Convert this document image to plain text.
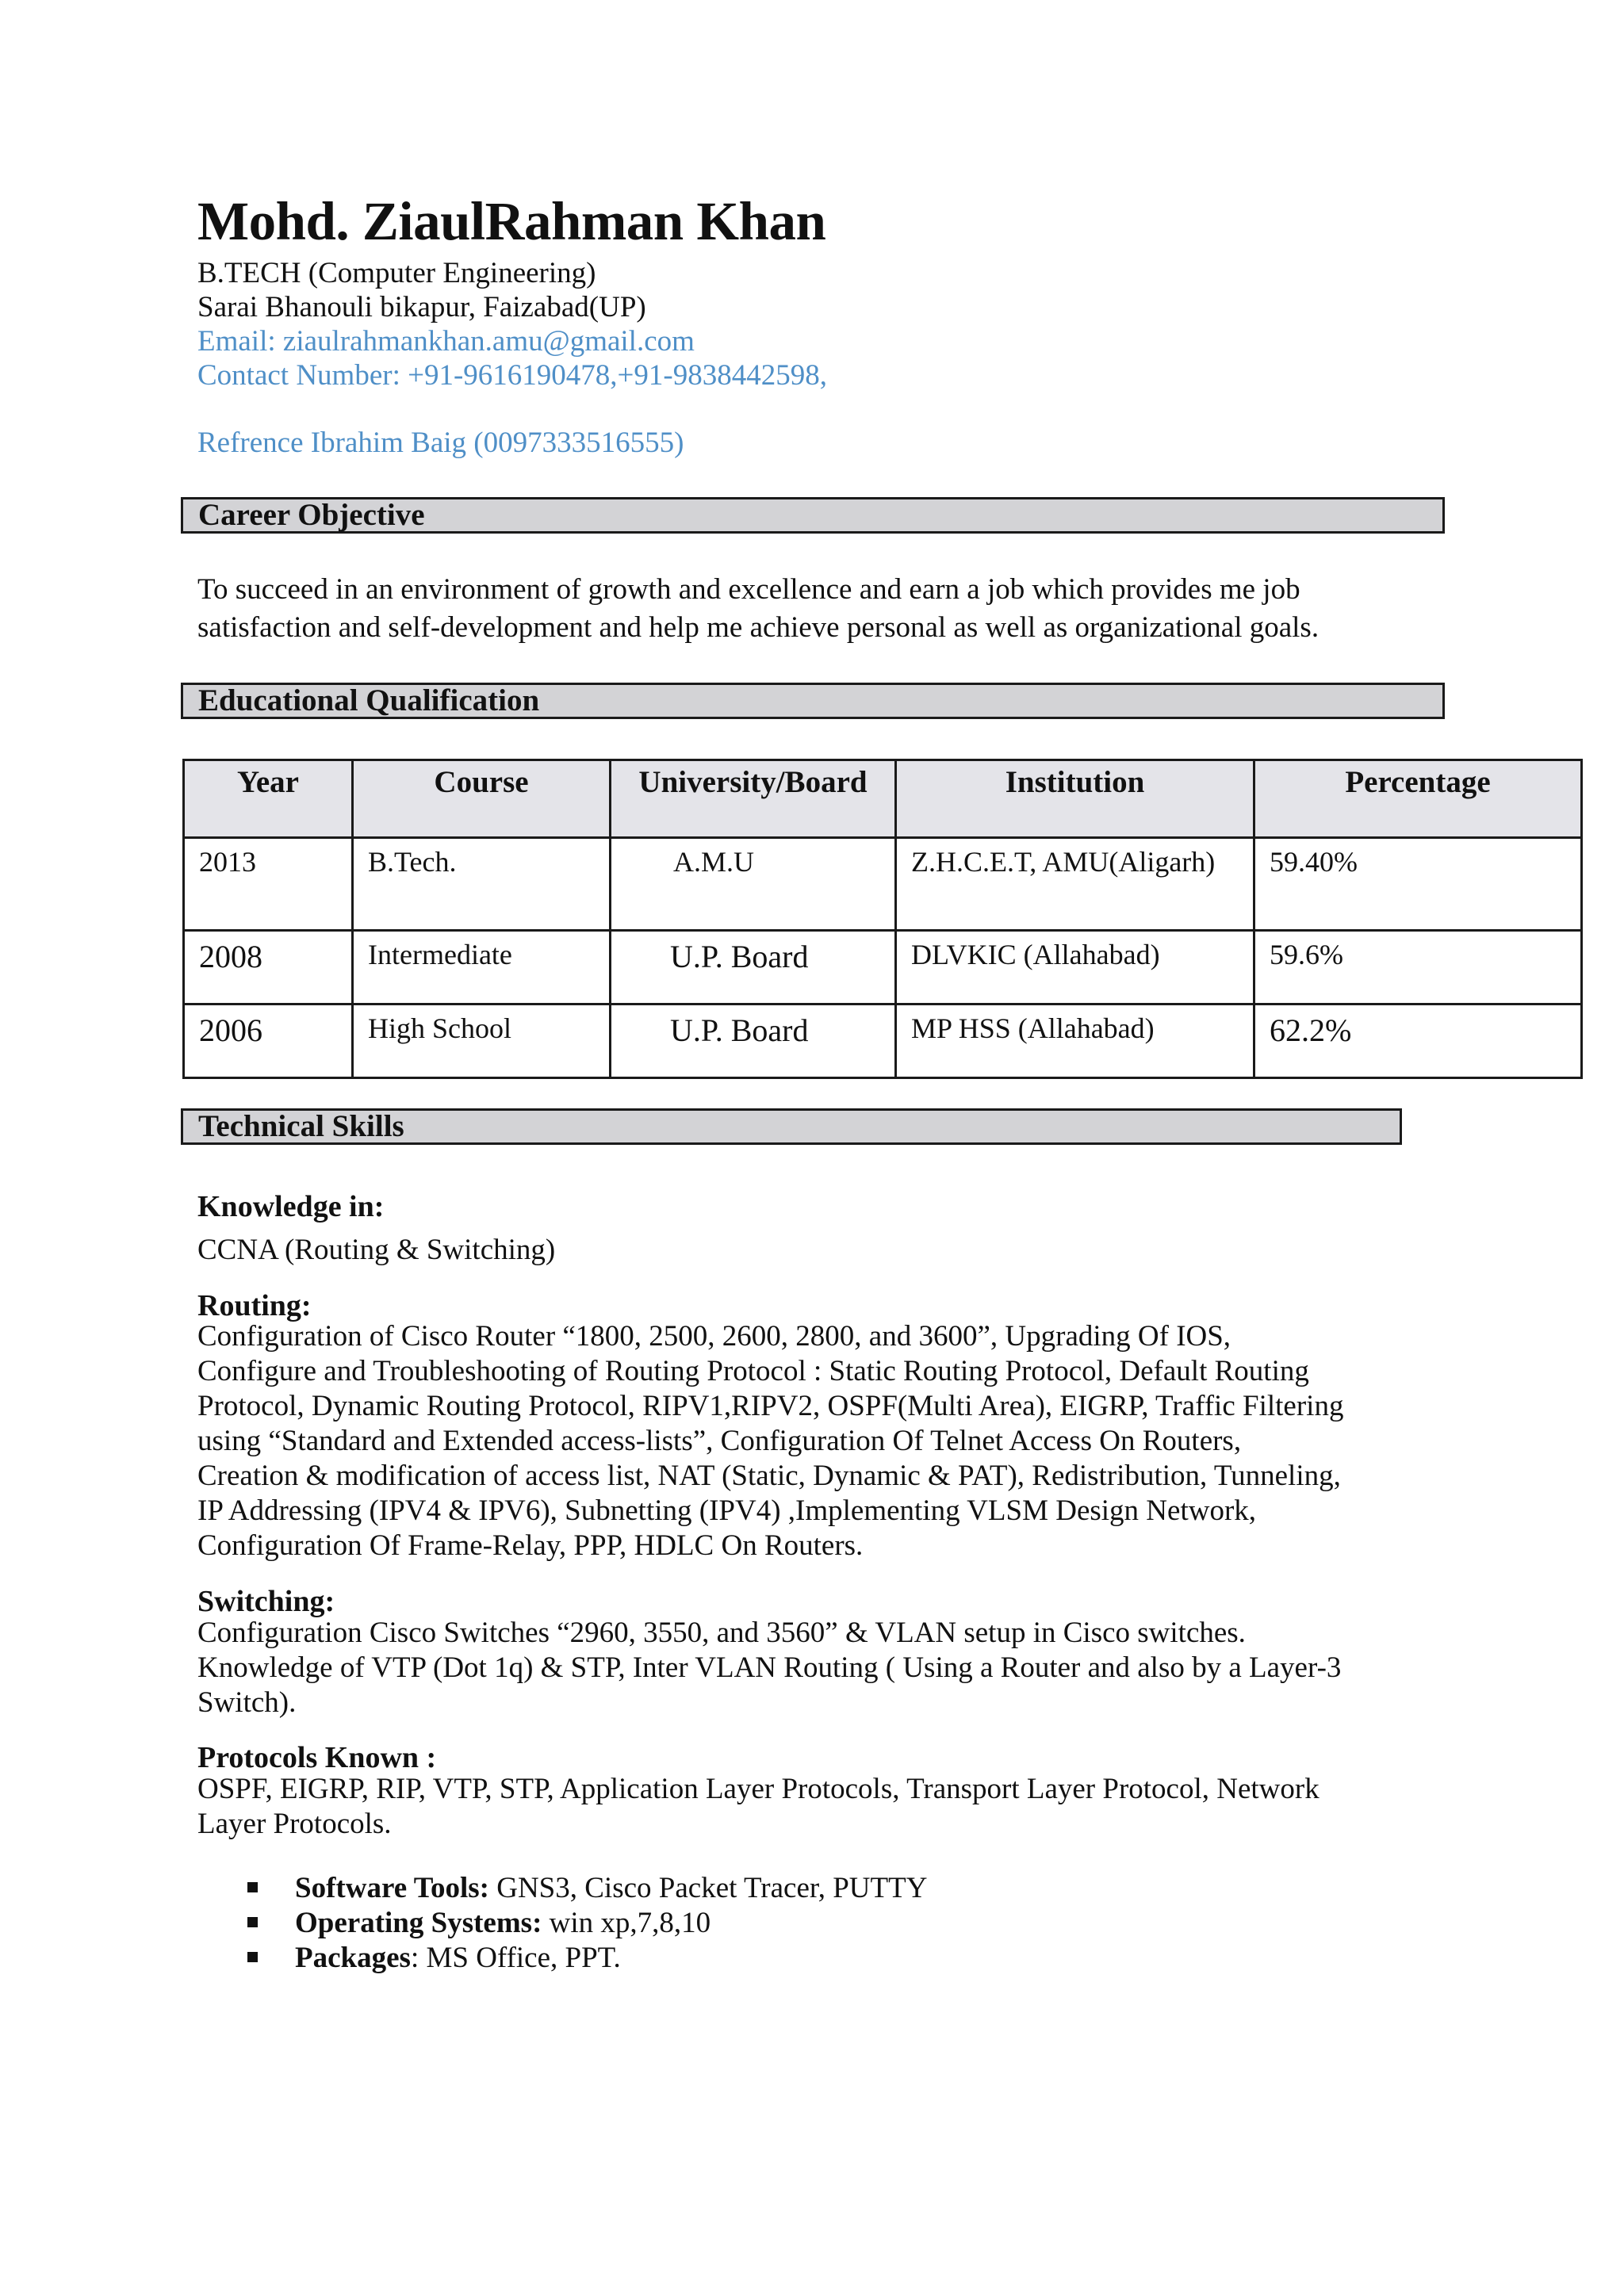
Mohd. ZiaulRahman Khan
B.TECH (Computer Engineering)
Sarai Bhanouli bikapur, Faizabad(UP)
Email: ziaulrahmankhan.amu@gmail.com
Contact Number: +91-9616190478,+91-9838442598,
Refrence Ibrahim Baig (0097333516555)
Career Objective
To succeed in an environment of growth and excellence and earn a job which provides me job satisfaction and self-development and help me achieve personal as well as organizational goals.
Educational Qualification
Year	Course	University/Board	Institution	Percentage
2013	B.Tech.	A.M.U	Z.H.C.E.T, AMU(Aligarh)	59.40%
2008	Intermediate	U.P. Board	DLVKIC (Allahabad)	59.6%
2006	High School	U.P. Board	MP HSS (Allahabad)	62.2%
Technical Skills
Knowledge in:
CCNA (Routing & Switching)
Routing:
Configuration of Cisco Router “1800, 2500, 2600, 2800, and 3600”, Upgrading Of IOS,
Configure and Troubleshooting of Routing Protocol : Static Routing Protocol, Default Routing
Protocol, Dynamic Routing Protocol, RIPV1,RIPV2, OSPF(Multi Area), EIGRP, Traffic Filtering
using “Standard and Extended access-lists”, Configuration Of Telnet Access On Routers,
Creation & modification of access list, NAT (Static, Dynamic & PAT), Redistribution, Tunneling,
IP Addressing (IPV4 & IPV6), Subnetting (IPV4) ,Implementing VLSM Design Network,
Configuration Of Frame-Relay, PPP, HDLC On Routers.
Switching:
Configuration Cisco Switches “2960, 3550, and 3560” & VLAN setup in Cisco switches.
Knowledge of VTP (Dot 1q) & STP, Inter VLAN Routing ( Using a Router and also by a Layer-3
Switch).
Protocols Known :
OSPF, EIGRP, RIP, VTP, STP, Application Layer Protocols, Transport Layer Protocol, Network
Layer Protocols.
Software Tools: GNS3, Cisco Packet Tracer, PUTTY
Operating Systems: win xp,7,8,10
Packages: MS Office, PPT.
